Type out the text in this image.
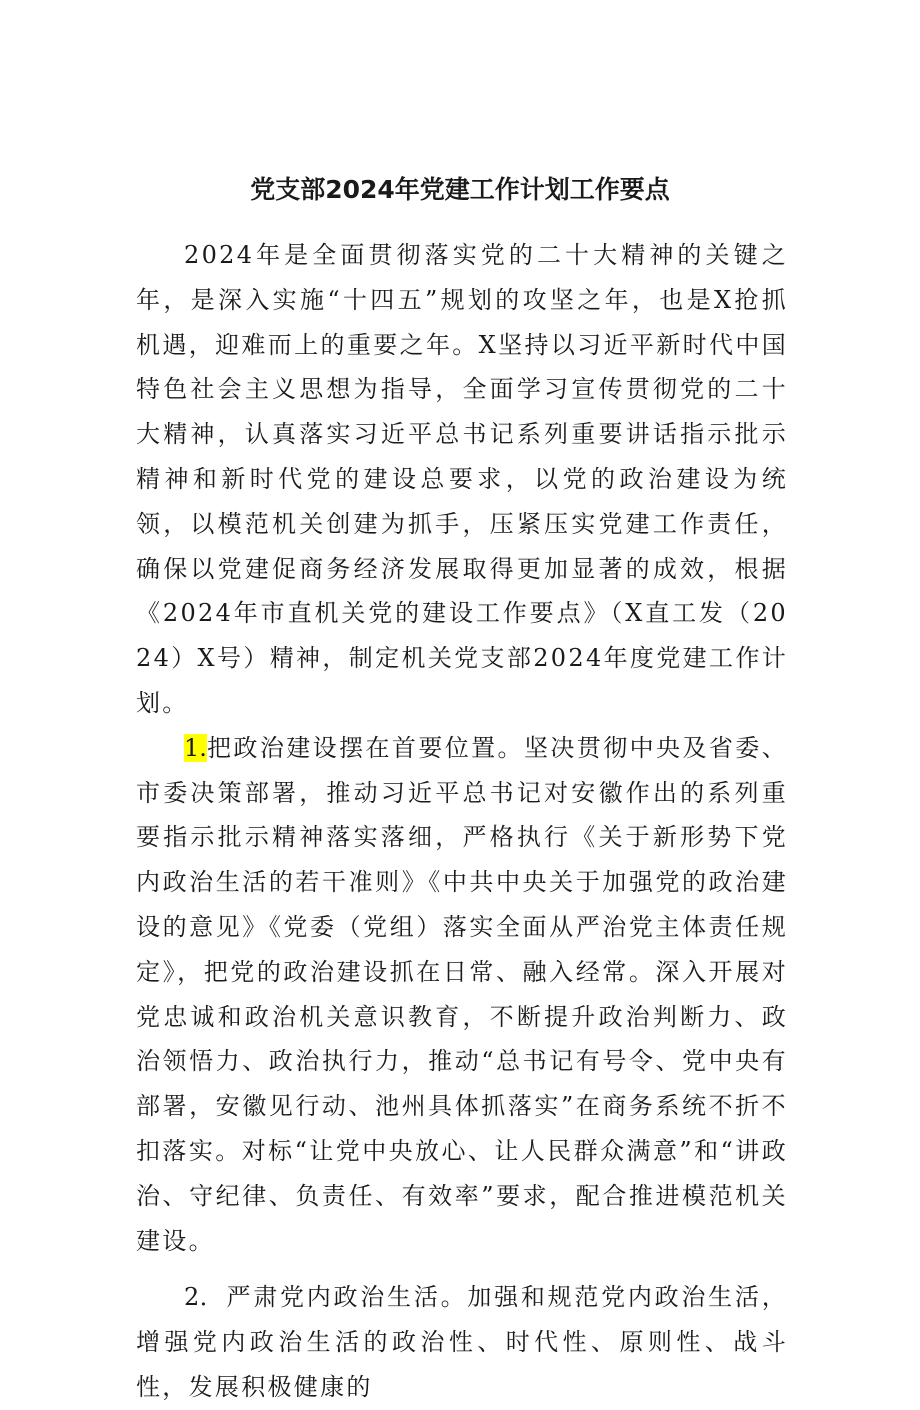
党支部2024年党建工作计划工作要点

2024年是全面贯彻落实党的二十大精神的关键之年，是深入实施“十四五”规划的攻坚之年，也是X抢抓机遇，迎难而上的重要之年。X坚持以习近平新时代中国特色社会主义思想为指导，全面学习宣传贯彻党的二十大精神，认真落实习近平总书记系列重要讲话指示批示精神和新时代党的建设总要求，以党的政治建设为统领，以模范机关创建为抓手，压紧压实党建工作责任，确保以党建促商务经济发展取得更加显著的成效，根据《2024年市直机关党的建设工作要点》（X直工发（2024）X号）精神，制定机关党支部2024年度党建工作计划。

1.把政治建设摆在首要位置。坚决贯彻中央及省委、市委决策部署，推动习近平总书记对安徽作出的系列重要指示批示精神落实落细，严格执行《关于新形势下党内政治生活的若干准则》《中共中央关于加强党的政治建设的意见》《党委（党组）落实全面从严治党主体责任规定》，把党的政治建设抓在日常、融入经常。深入开展对党忠诚和政治机关意识教育，不断提升政治判断力、政治领悟力、政治执行力，推动“总书记有号令、党中央有部署，安徽见行动、池州具体抓落实”在商务系统不折不扣落实。对标“让党中央放心、让人民群众满意”和“讲政治、守纪律、负责任、有效率”要求，配合推进模范机关建设。

2．严肃党内政治生活。加强和规范党内政治生活，增强党内政治生活的政治性、时代性、原则性、战斗性，发展积极健康的
